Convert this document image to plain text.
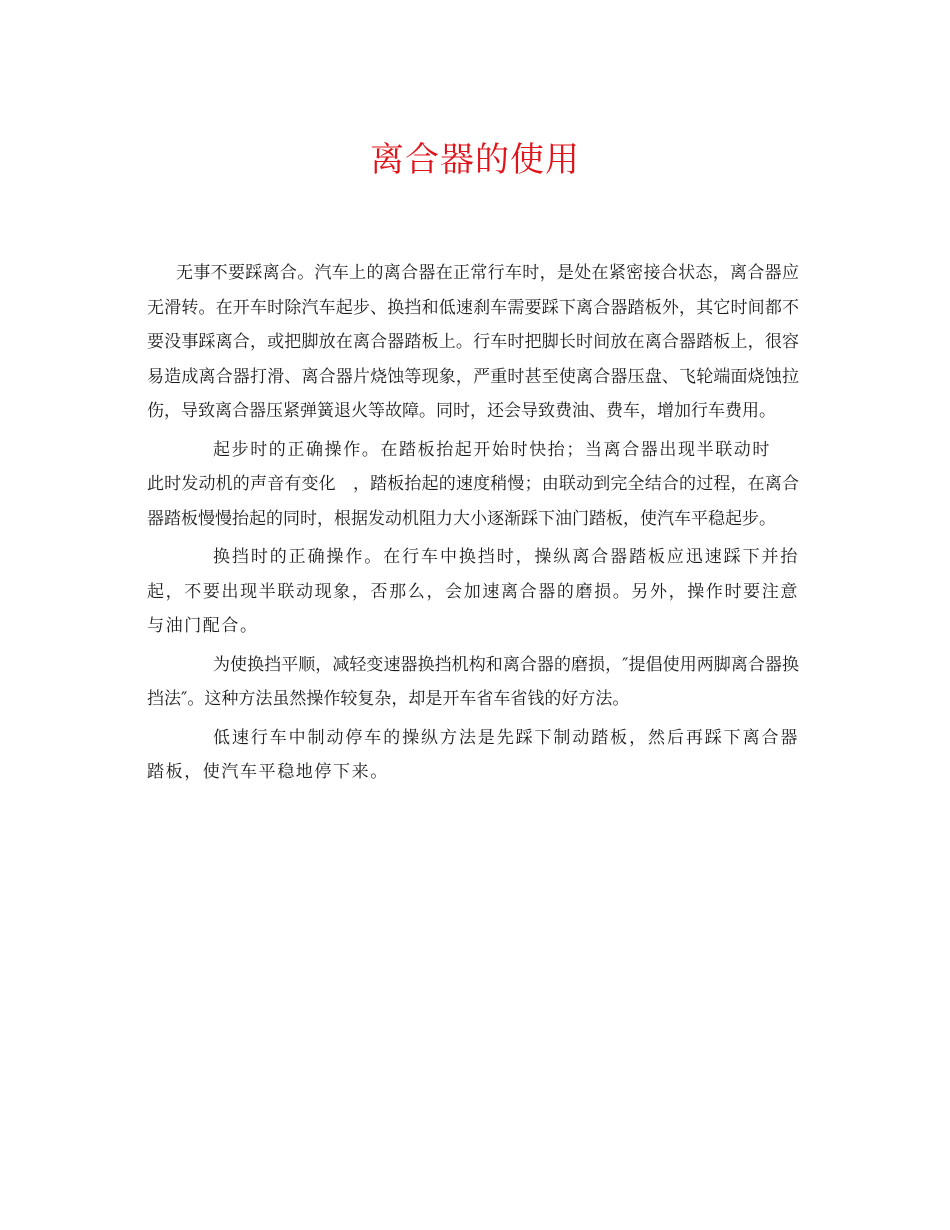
离合器的使用

无事不要踩离合。汽车上的离合器在正常行车时，是处在紧密接合状态，离合器应无滑转。在开车时除汽车起步、换挡和低速刹车需要踩下离合器踏板外，其它时间都不要没事踩离合，或把脚放在离合器踏板上。行车时把脚长时间放在离合器踏板上，很容易造成离合器打滑、离合器片烧蚀等现象，严重时甚至使离合器压盘、飞轮端面烧蚀拉伤，导致离合器压紧弹簧退火等故障。同时，还会导致费油、费车，增加行车费用。

起步时的正确操作。在踏板抬起开始时快抬；当离合器出现半联动时

此时发动机的声音有变化　，踏板抬起的速度稍慢；由联动到完全结合的过程，在离合器踏板慢慢抬起的同时，根据发动机阻力大小逐渐踩下油门踏板，使汽车平稳起步。

换挡时的正确操作。在行车中换挡时，操纵离合器踏板应迅速踩下并抬起，不要出现半联动现象，否那么，会加速离合器的磨损。另外，操作时要注意与油门配合。

为使换挡平顺，减轻变速器换挡机构和离合器的磨损，″提倡使用两脚离合器换挡法″。这种方法虽然操作较复杂，却是开车省车省钱的好方法。

低速行车中制动停车的操纵方法是先踩下制动踏板，然后再踩下离合器踏板，使汽车平稳地停下来。
